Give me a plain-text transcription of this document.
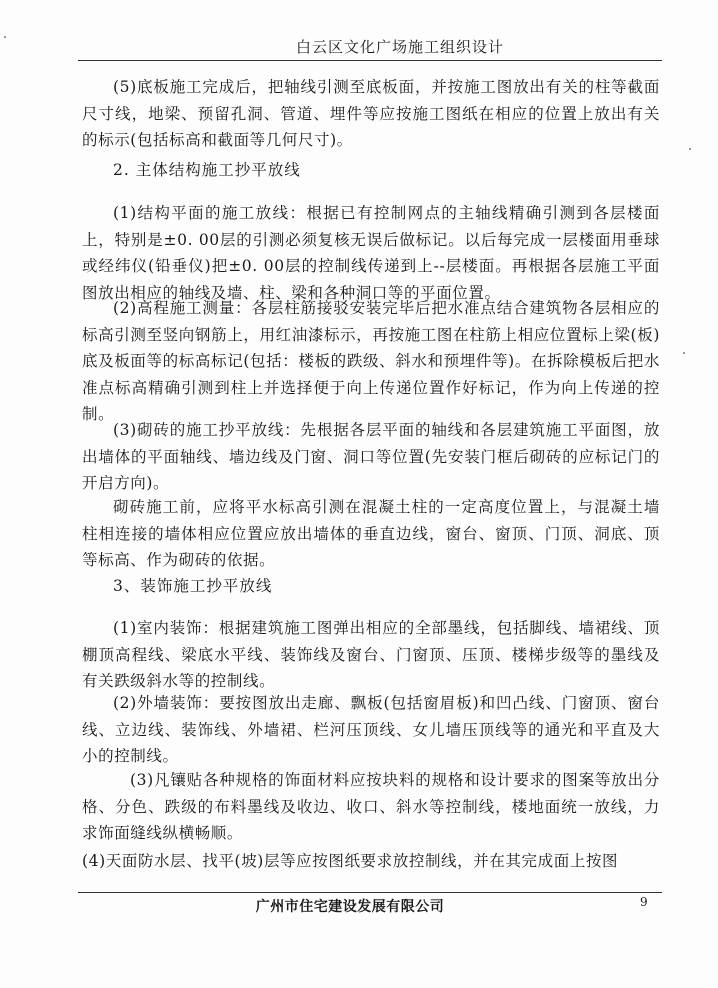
白云区文化广场施工组织设计

(5)底板施工完成后，把轴线引测至底板面，并按施工图放出有关的柱等截面尺寸线，地梁、预留孔洞、管道、埋件等应按施工图纸在相应的位置上放出有关的标示(包括标高和截面等几何尺寸)。

2. 主体结构施工抄平放线

(1)结构平面的施工放线：根据已有控制网点的主轴线精确引测到各层楼面上，特别是±0. 00层的引测必须复核无误后做标记。以后每完成一层楼面用垂球或经纬仪(铅垂仪)把±0. 00层的控制线传递到上--层楼面。再根据各层施工平面图放出相应的轴线及墙、柱、梁和各种洞口等的平面位置。

(2)高程施工测量：各层柱筋接驳安装完毕后把水准点结合建筑物各层相应的标高引测至竖向钢筋上，用红油漆标示，再按施工图在柱筋上相应位置标上梁(板)底及板面等的标高标记(包括：楼板的跌级、斜水和预埋件等)。在拆除模板后把水准点标高精确引测到柱上并选择便于向上传递位置作好标记，作为向上传递的控制。

(3)砌砖的施工抄平放线：先根据各层平面的轴线和各层建筑施工平面图，放出墙体的平面轴线、墙边线及门窗、洞口等位置(先安装门框后砌砖的应标记门的开启方向)。

砌砖施工前，应将平水标高引测在混凝土柱的一定高度位置上，与混凝土墙柱相连接的墙体相应位置应放出墙体的垂直边线，窗台、窗顶、门顶、洞底、顶等标高、作为砌砖的依据。

3、装饰施工抄平放线

(1)室内装饰：根据建筑施工图弹出相应的全部墨线，包括脚线、墙裙线、顶棚顶高程线、梁底水平线、装饰线及窗台、门窗顶、压顶、楼梯步级等的墨线及有关跌级斜水等的控制线。

(2)外墙装饰：要按图放出走廊、飘板(包括窗眉板)和凹凸线、门窗顶、窗台线、立边线、装饰线、外墙裙、栏河压顶线、女儿墙压顶线等的通光和平直及大小的控制线。

(3)凡镶贴各种规格的饰面材料应按块料的规格和设计要求的图案等放出分格、分色、跌级的布料墨线及收边、收口、斜水等控制线，楼地面统一放线，力求饰面缝线纵横畅顺。

(4)天面防水层、找平(坡)层等应按图纸要求放控制线，并在其完成面上按图

广州市住宅建设发展有限公司	9
